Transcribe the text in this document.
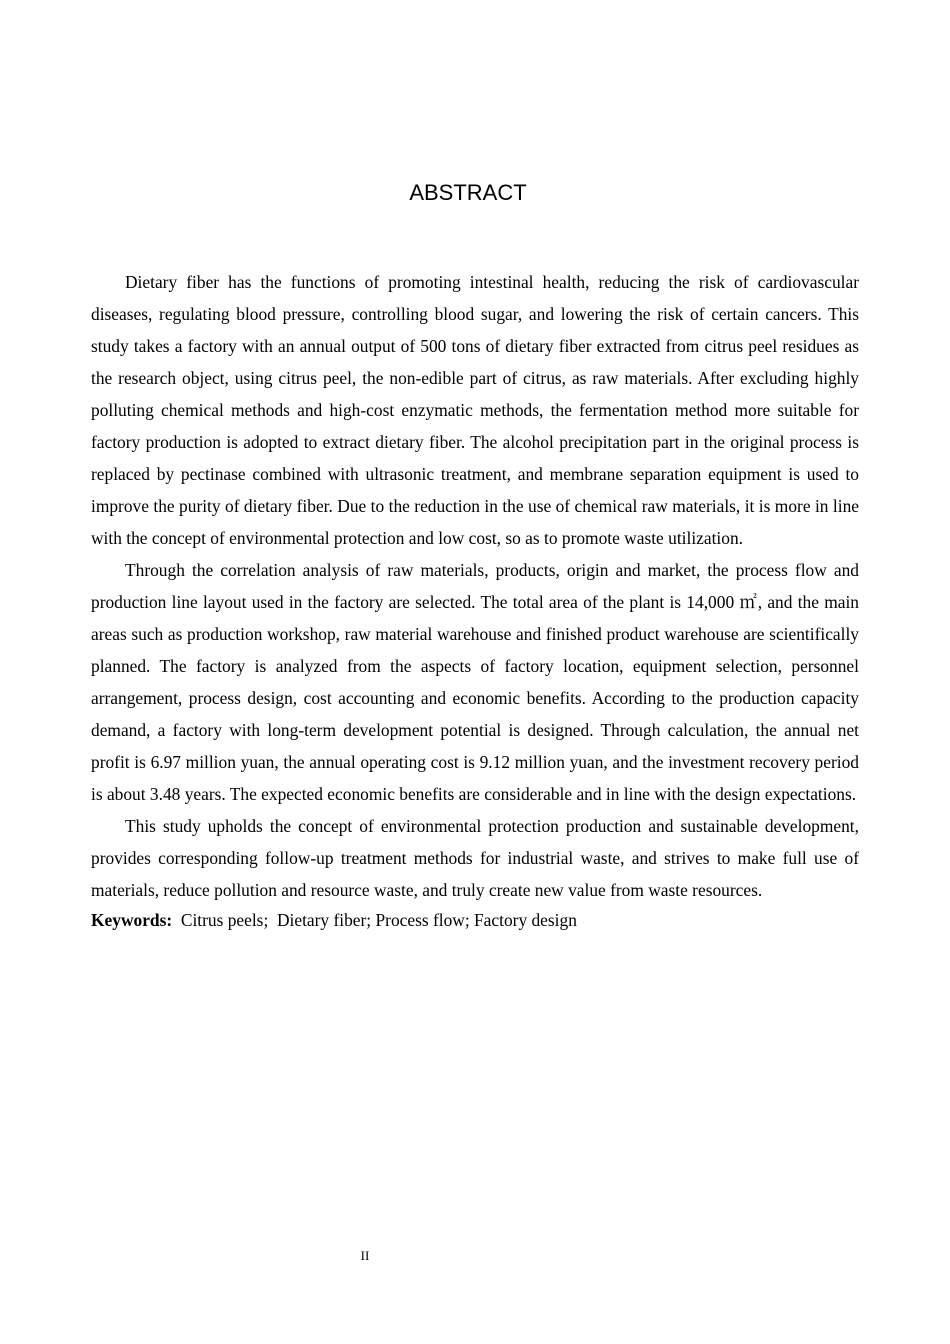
ABSTRACT

Dietary fiber has the functions of promoting intestinal health, reducing the risk of cardiovascular diseases, regulating blood pressure, controlling blood sugar, and lowering the risk of certain cancers. This study takes a factory with an annual output of 500 tons of dietary fiber extracted from citrus peel residues as the research object, using citrus peel, the non-edible part of citrus, as raw materials. After excluding highly polluting chemical methods and high-cost enzymatic methods, the fermentation method more suitable for factory production is adopted to extract dietary fiber. The alcohol precipitation part in the original process is replaced by pectinase combined with ultrasonic treatment, and membrane separation equipment is used to improve the purity of dietary fiber. Due to the reduction in the use of chemical raw materials, it is more in line with the concept of environmental protection and low cost, so as to promote waste utilization.

Through the correlation analysis of raw materials, products, origin and market, the process flow and production line layout used in the factory are selected. The total area of the plant is 14,000 ㎡, and the main areas such as production workshop, raw material warehouse and finished product warehouse are scientifically planned. The factory is analyzed from the aspects of factory location, equipment selection, personnel arrangement, process design, cost accounting and economic benefits. According to the production capacity demand, a factory with long-term development potential is designed. Through calculation, the annual net profit is 6.97 million yuan, the annual operating cost is 9.12 million yuan, and the investment recovery period is about 3.48 years. The expected economic benefits are considerable and in line with the design expectations.

This study upholds the concept of environmental protection production and sustainable development, provides corresponding follow-up treatment methods for industrial waste, and strives to make full use of materials, reduce pollution and resource waste, and truly create new value from waste resources.

Keywords:  Citrus peels;  Dietary fiber; Process flow; Factory design

II
